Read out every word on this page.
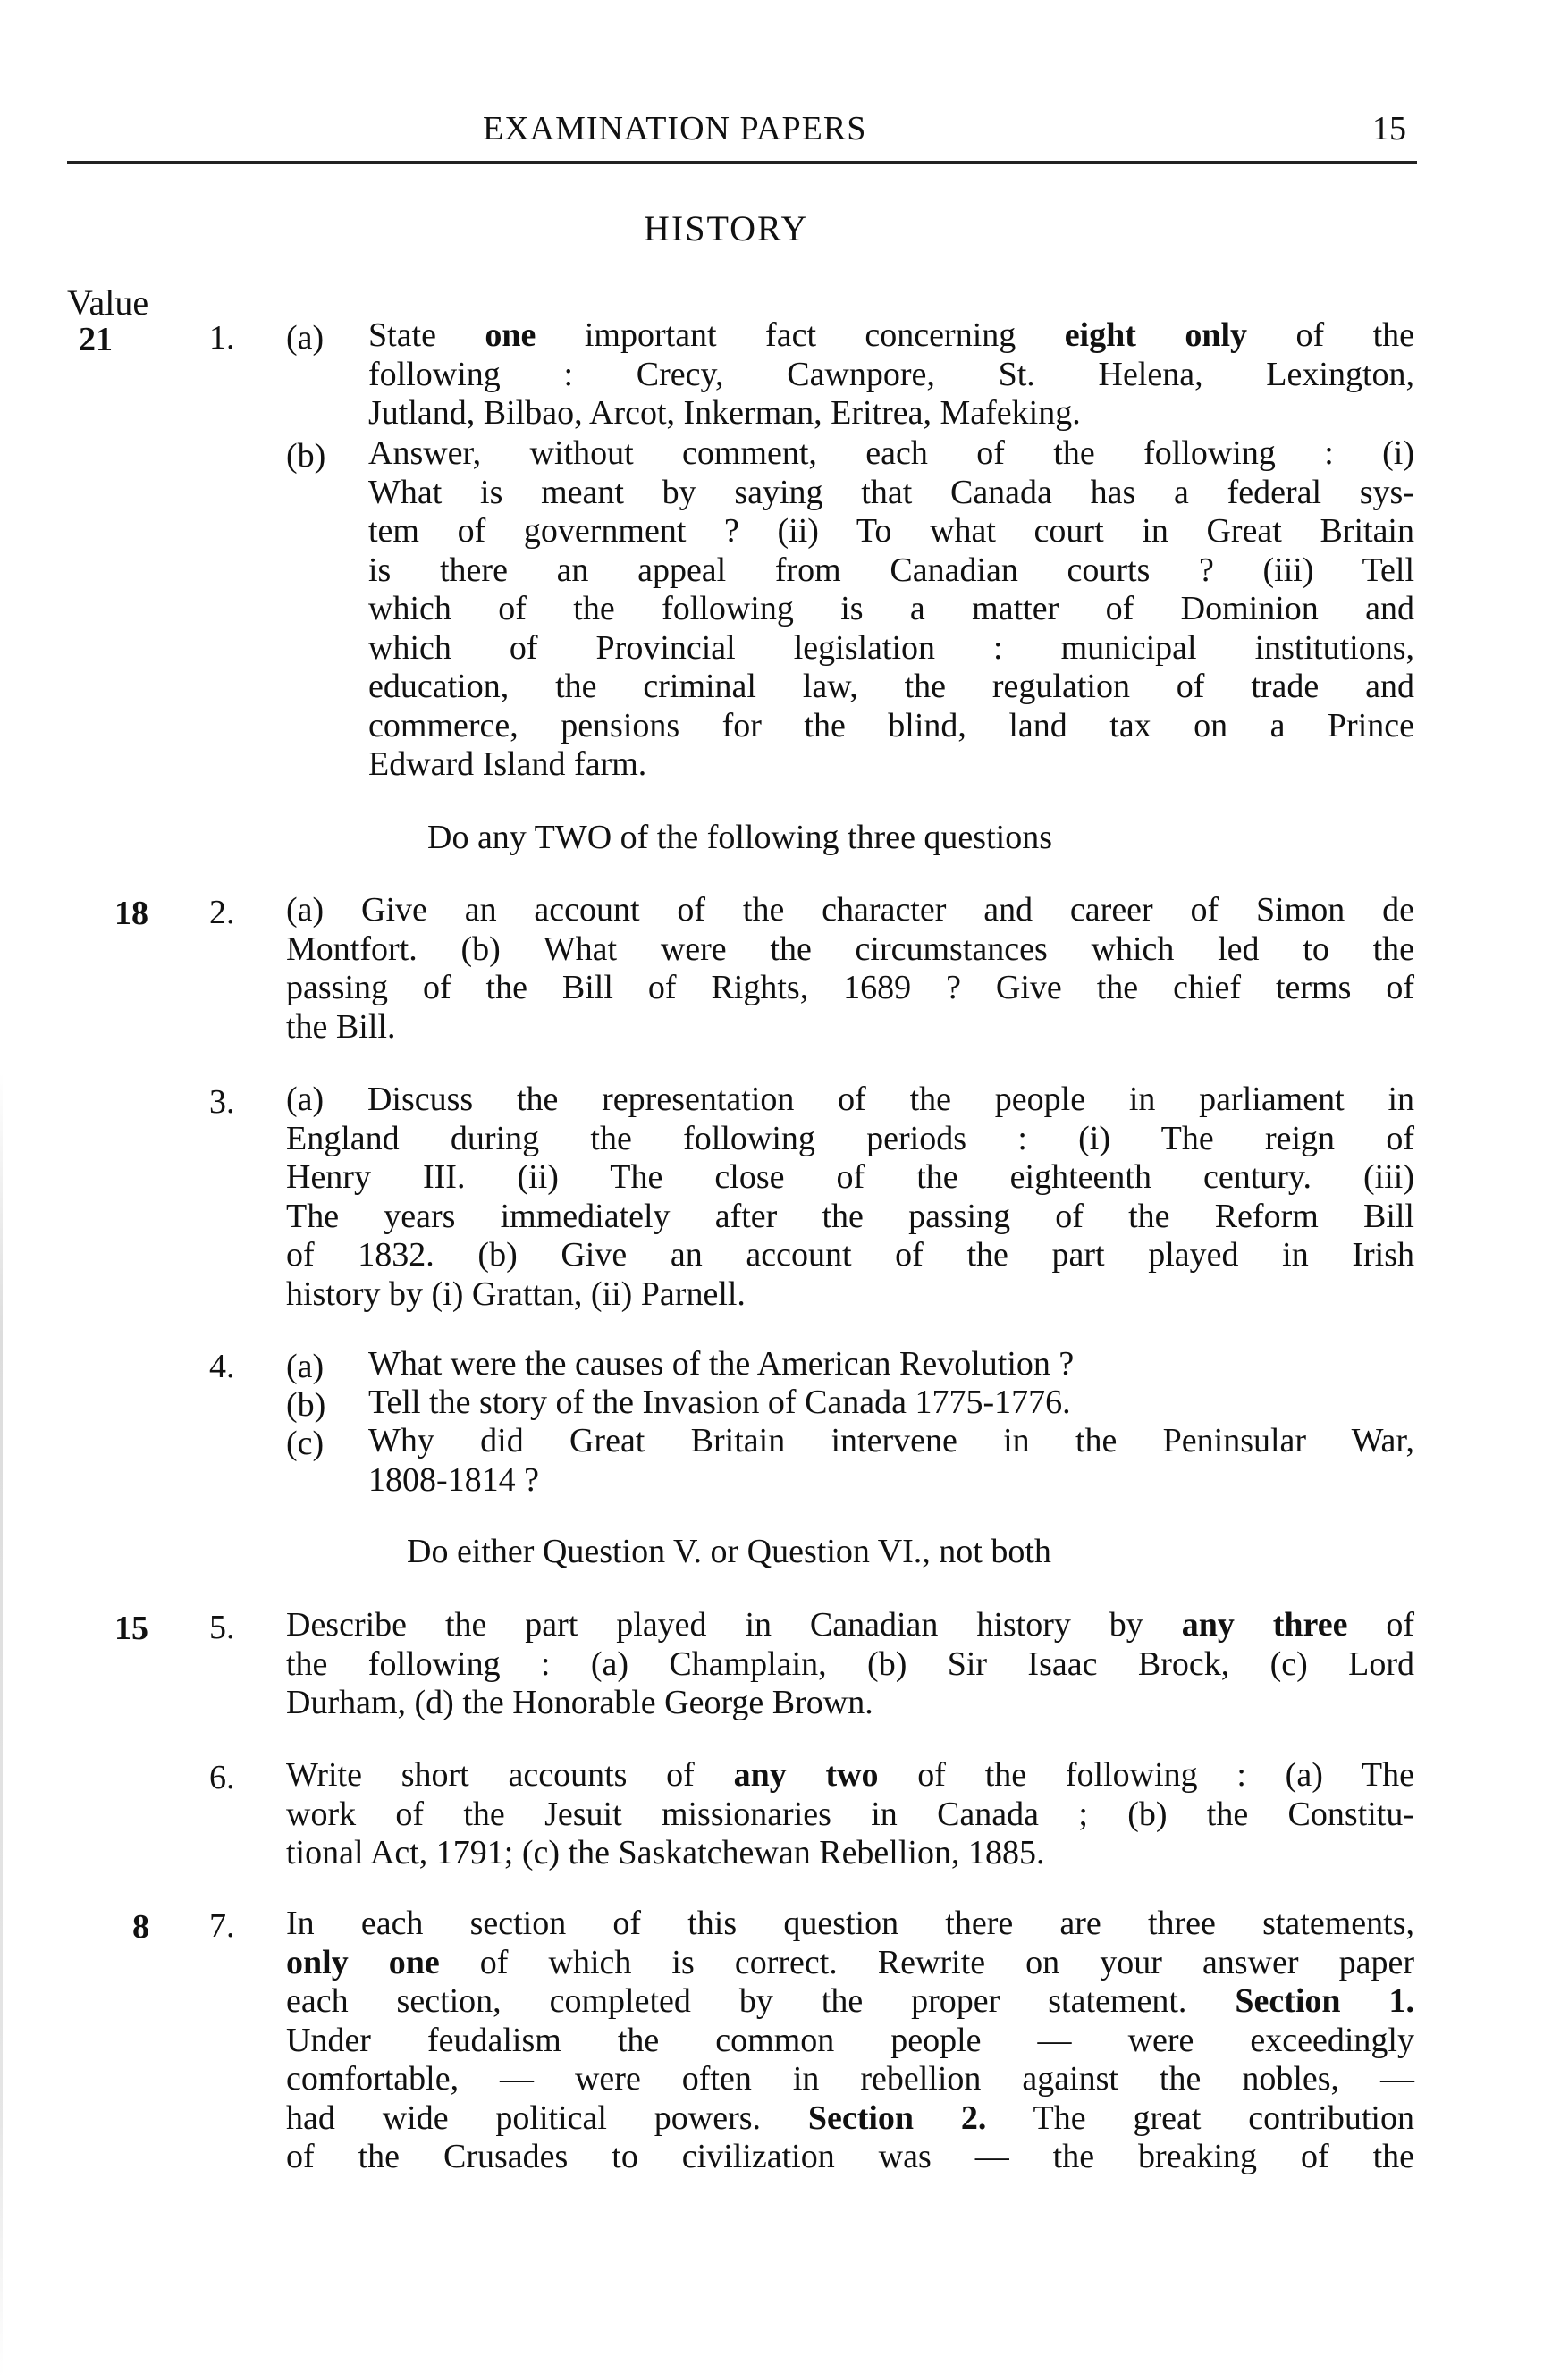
EXAMINATION PAPERS	15
HISTORY
Value
21	1. (a) State one important fact concerning eight only of the
following : Crecy, Cawnpore, St. Helena, Lexington,
Jutland, Bilbao, Arcot, Inkerman, Eritrea, Mafeking.
(b) Answer, without comment, each of the following : (i)
What is meant by saying that Canada has a federal sys-
tem of government ? (ii) To what court in Great Britain
is there an appeal from Canadian courts ? (iii) Tell
which of the following is a matter of Dominion and
which of Provincial legislation : municipal institutions,
education, the criminal law, the regulation of trade and
commerce, pensions for the blind, land tax on a Prince
Edward Island farm.
Do any TWO of the following three questions
18 2. (a) Give an account of the character and career of Simon de
Montfort. (b) What were the circumstances which led to the
passing of the Bill of Rights, 1689 ? Give the chief terms of
the Bill.
3. (a) Discuss the representation of the people in parliament in
England during the following periods : (i) The reign of
Henry III. (ii) The close of the eighteenth century. (iii)
The years immediately after the passing of the Reform Bill
of 1832. (b) Give an account of the part played in Irish
history by (i) Grattan, (ii) Parnell.
4. (a) What were the causes of the American Revolution ?
(b) Tell the story of the Invasion of Canada 1775-1776.
(c) Why did Great Britain intervene in the Peninsular War,
1808-1814 ?
Do either Question V. or Question VI., not both
15 5. Describe the part played in Canadian history by any three of
the following : (a) Champlain, (b) Sir Isaac Brock, (c) Lord
Durham, (d) the Honorable George Brown.
6. Write short accounts of any two of the following : (a) The
work of the Jesuit missionaries in Canada ; (b) the Constitu-
tional Act, 1791; (c) the Saskatchewan Rebellion, 1885.
8 7. In each section of this question there are three statements,
only one of which is correct. Rewrite on your answer paper
each section, completed by the proper statement. Section 1.
Under feudalism the common people — were exceedingly
comfortable, — were often in rebellion against the nobles, —
had wide political powers. Section 2. The great contribution
of the Crusades to civilization was — the breaking of the
